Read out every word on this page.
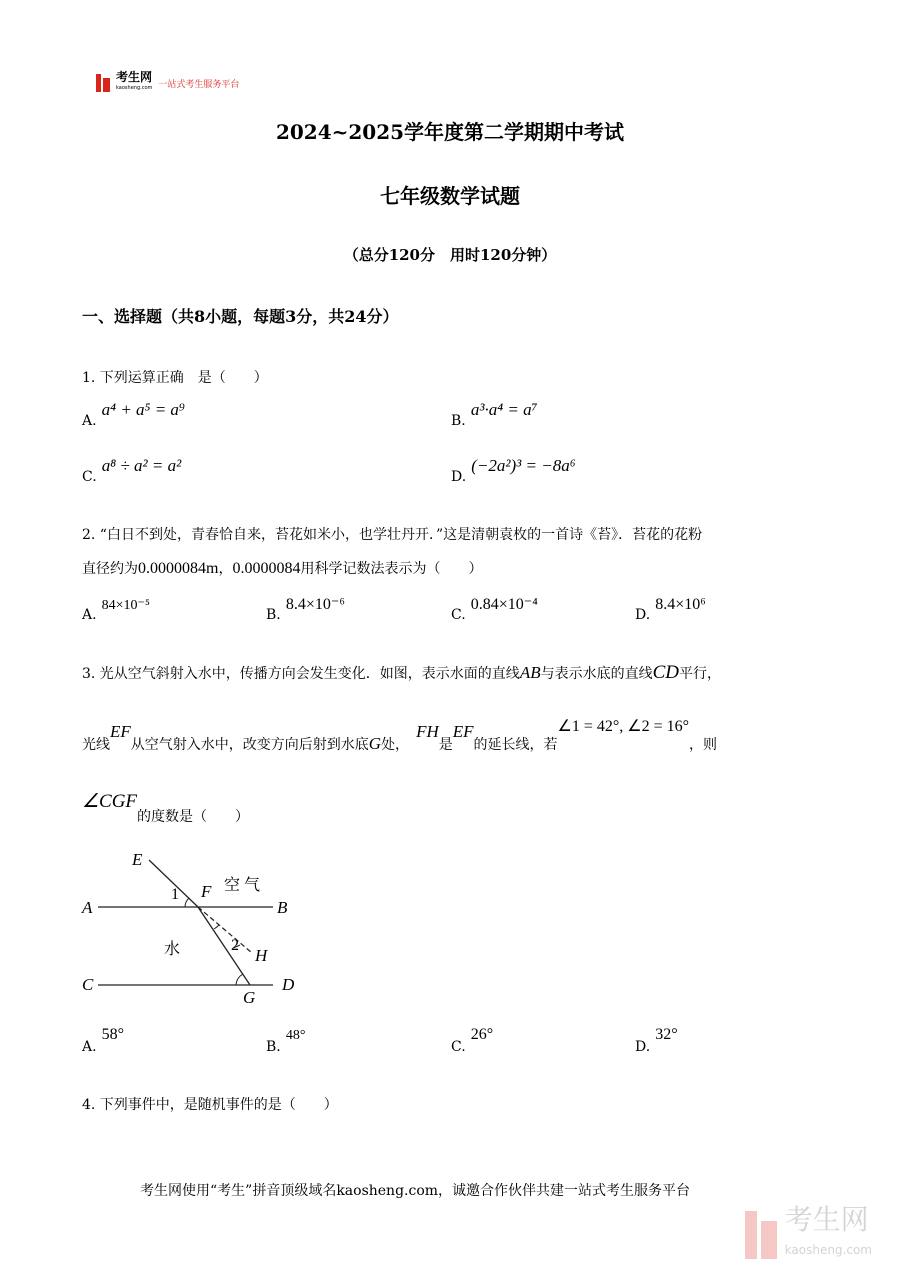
考生网
kaosheng.com 一站式考生服务平台
2024~2025学年度第二学期期中考试
七年级数学试题
（总分120分　用时120分钟）
一、选择题（共8小题，每题3分，共24分）
1. 下列运算正确　是（　　）
A. a⁴ + a⁵ = a⁹
B. a³·a⁴ = a⁷
C. a⁸ ÷ a² = a²
D. (−2a²)³ = −8a⁶
2. “白日不到处，青春恰自来，苔花如米小，也学壮丹开．”这是清朝袁枚的一首诗《苔》．苔花的花粉
直径约为0.0000084m，0.0000084用科学记数法表示为（　　）
A. 84×10⁻⁵
B. 8.4×10⁻⁶
C. 0.84×10⁻⁴
D. 8.4×10⁶
3. 光从空气斜射入水中，传播方向会发生变化．如图，表示水面的直线AB与表示水底的直线CD平行，
光线EF从空气射入水中，改变方向后射到水底G处，　FH是EF的延长线，若∠1 = 42°, ∠2 = 16°，则
∠CGF的度数是（　　）
E
F
A	B
C	D
G
H
1
2
空气
水
A. 58°
B. 48°
C. 26°
D. 32°
4. 下列事件中，是随机事件的是（　　）
考生网使用“考生”拼音顶级域名kaosheng.com，诚邀合作伙伴共建一站式考生服务平台
考生网
kaosheng.com
